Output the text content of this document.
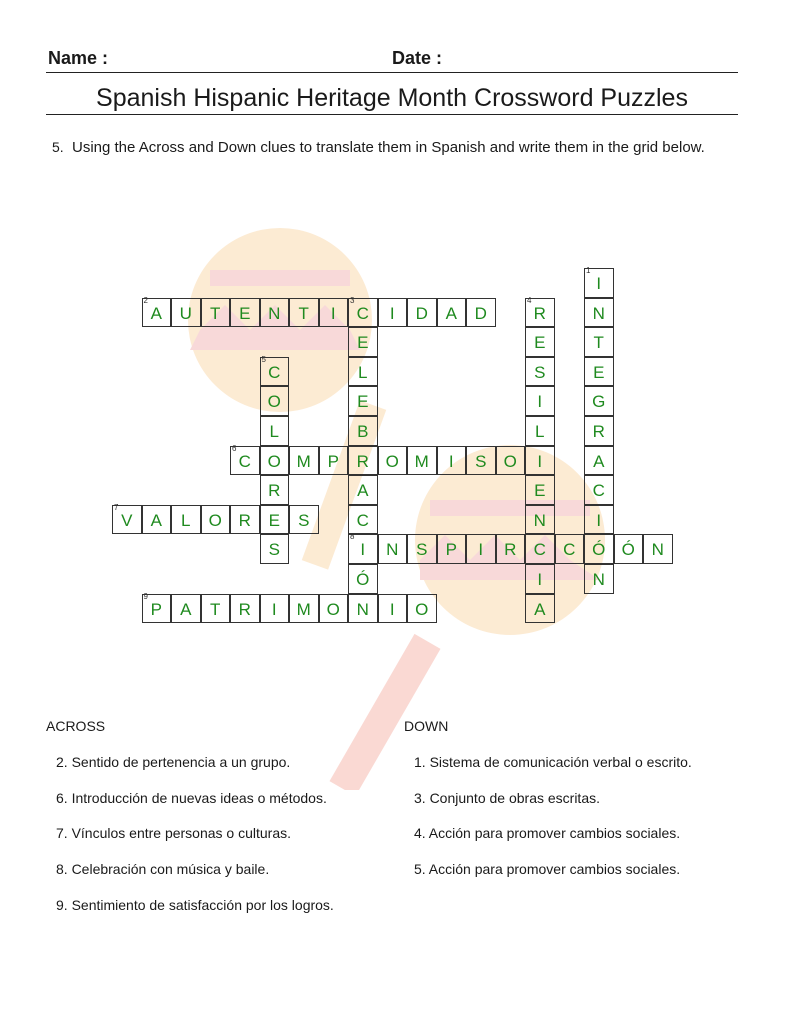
Name :	Date :
Spanish Hispanic Heritage Month Crossword Puzzles
5. Using the Across and Down clues to translate them in Spanish and write them in the grid below.
I
1
N
T
E
G
R
A
C
I
Ó
N
A
2
U	T	E	N	T	I	C
3
I	D	A	D
E
L
E
B
R
A
C
I
8
Ó
N
R
4
E
S
I
L
I
E
N
C
I
A
C
5
O
L
O
R
E
S
C
6
M P	O M	I	S	O
V
7
A	L	O R	S
N	S	P	I	R	C	Ó N
P
9
A	T	R	I	M O	I	O
ACROSS	DOWN
2. Sentido de pertenencia a un grupo.
6. Introducción de nuevas ideas o métodos.
7. Vínculos entre personas o culturas.
8. Celebración con música y baile.
9. Sentimiento de satisfacción por los logros.
1. Sistema de comunicación verbal o escrito.
3. Conjunto de obras escritas.
4. Acción para promover cambios sociales.
5. Acción para promover cambios sociales.
